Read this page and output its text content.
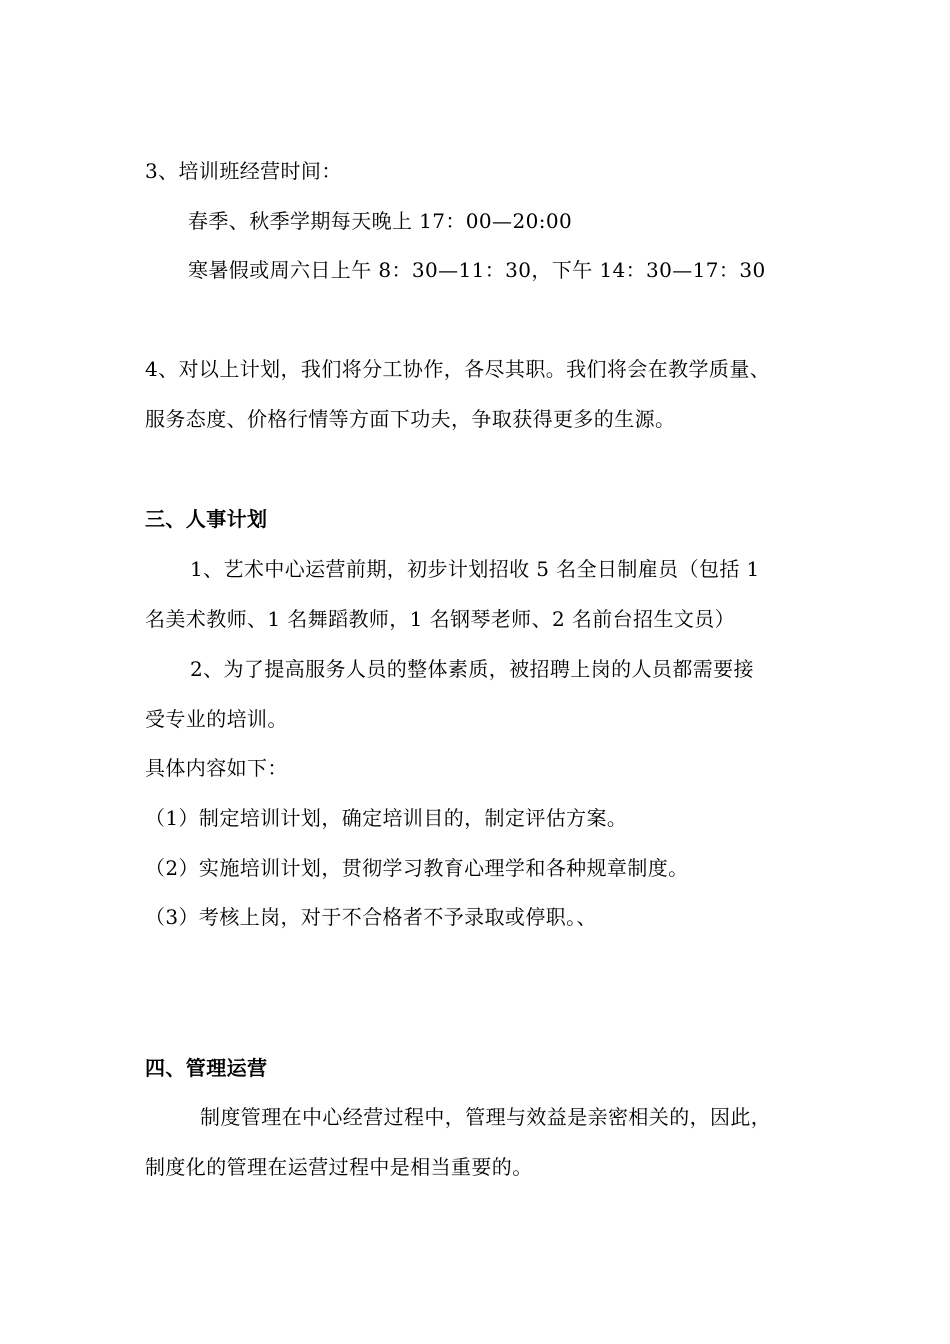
3、培训班经营时间：
春季、秋季学期每天晚上 17：00—20:00
寒暑假或周六日上午 8：30—11：30，下午 14：30—17：30
4、对以上计划，我们将分工协作，各尽其职。我们将会在教学质量、
服务态度、价格行情等方面下功夫，争取获得更多的生源。
三、人事计划
1、艺术中心运营前期，初步计划招收 5 名全日制雇员（包括 1
名美术教师、1 名舞蹈教师，1 名钢琴老师、2 名前台招生文员）
2、为了提高服务人员的整体素质，被招聘上岗的人员都需要接
受专业的培训。
具体内容如下：
（1）制定培训计划，确定培训目的，制定评估方案。
（2）实施培训计划，贯彻学习教育心理学和各种规章制度。
（3）考核上岗，对于不合格者不予录取或停职。、
四、管理运营
制度管理在中心经营过程中，管理与效益是亲密相关的，因此，
制度化的管理在运营过程中是相当重要的。
